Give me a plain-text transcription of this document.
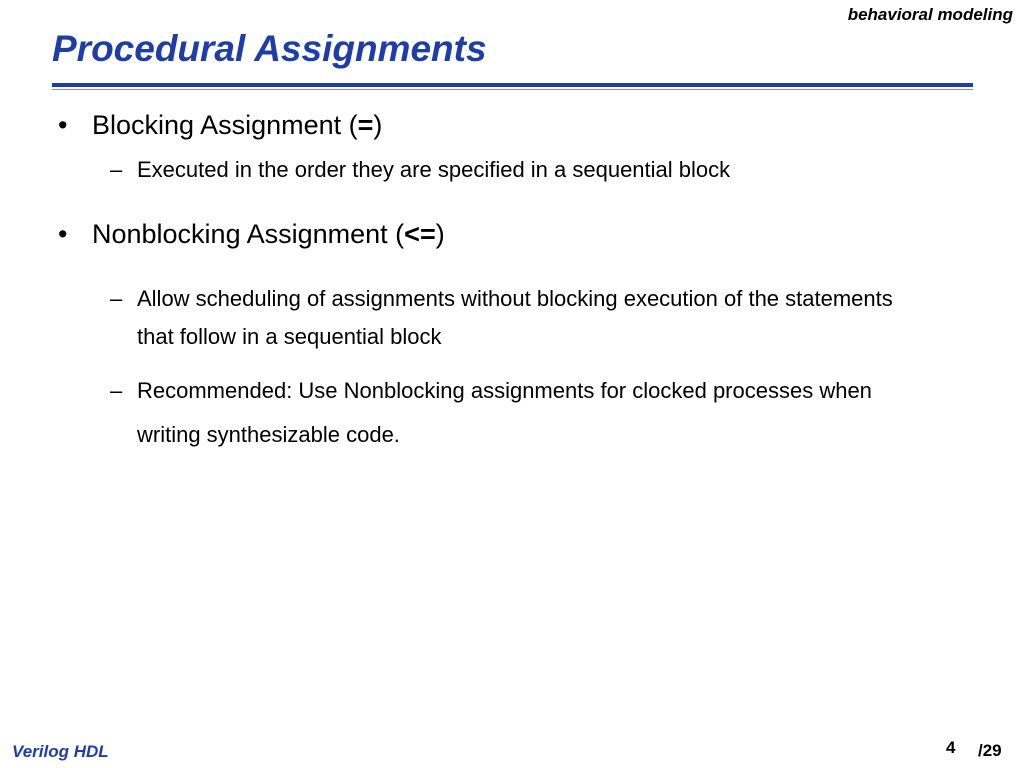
behavioral modeling
Procedural Assignments
• Blocking Assignment (=)
– Executed in the order they are specified in a sequential block
• Nonblocking Assignment (<=)
– Allow scheduling of assignments without blocking execution of the statements that follow in a sequential block
– Recommended: Use Nonblocking assignments for clocked processes when writing synthesizable code.
Verilog HDL	4 /29
